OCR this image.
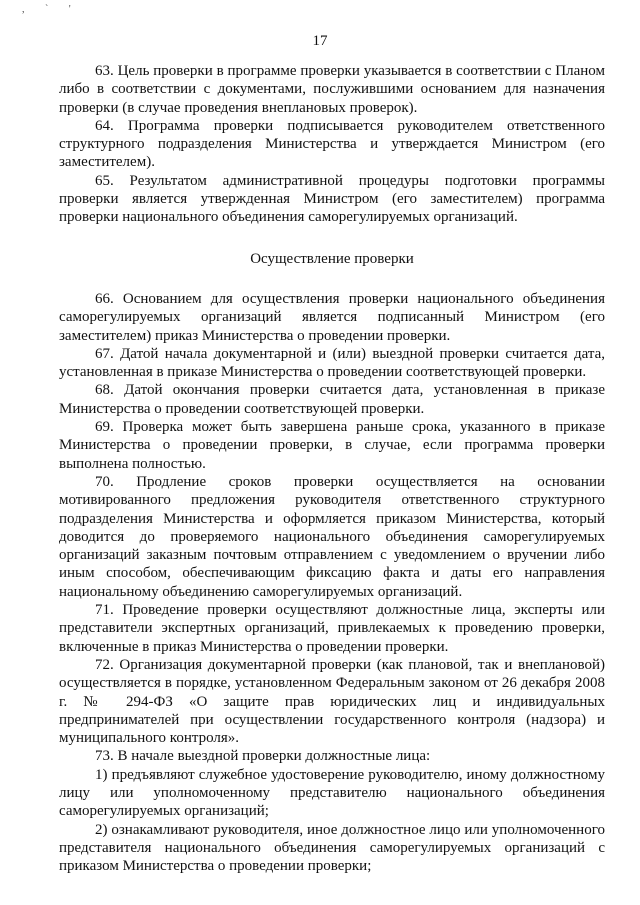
, ` '
17

63. Цель проверки в программе проверки указывается в соответствии с Планом либо в соответствии с документами, послужившими основанием для назначения проверки (в случае проведения внеплановых проверок).

64. Программа проверки подписывается руководителем ответственного структурного подразделения Министерства и утверждается Министром (его заместителем).

65. Результатом административной процедуры подготовки программы проверки является утвержденная Министром (его заместителем) программа проверки национального объединения саморегулируемых организаций.

Осуществление проверки

66. Основанием для осуществления проверки национального объединения саморегулируемых организаций является подписанный Министром (его заместителем) приказ Министерства о проведении проверки.

67. Датой начала документарной и (или) выездной проверки считается дата, установленная в приказе Министерства о проведении соответствующей проверки.

68. Датой окончания проверки считается дата, установленная в приказе Министерства о проведении соответствующей проверки.

69. Проверка может быть завершена раньше срока, указанного в приказе Министерства о проведении проверки, в случае, если программа проверки выполнена полностью.

70. Продление сроков проверки осуществляется на основании мотивированного предложения руководителя ответственного структурного подразделения Министерства и оформляется приказом Министерства, который доводится до проверяемого национального объединения саморегулируемых организаций заказным почтовым отправлением с уведомлением о вручении либо иным способом, обеспечивающим фиксацию факта и даты его направления национальному объединению саморегулируемых организаций.

71. Проведение проверки осуществляют должностные лица, эксперты или представители экспертных организаций, привлекаемых к проведению проверки, включенные в приказ Министерства о проведении проверки.

72. Организация документарной проверки (как плановой, так и внеплановой) осуществляется в порядке, установленном Федеральным законом от 26 декабря 2008 г. № 294-ФЗ «О защите прав юридических лиц и индивидуальных предпринимателей при осуществлении государственного контроля (надзора) и муниципального контроля».

73. В начале выездной проверки должностные лица:

1) предъявляют служебное удостоверение руководителю, иному должностному лицу или уполномоченному представителю национального объединения саморегулируемых организаций;

2) ознакамливают руководителя, иное должностное лицо или уполномоченного представителя национального объединения саморегулируемых организаций с приказом Министерства о проведении проверки;
